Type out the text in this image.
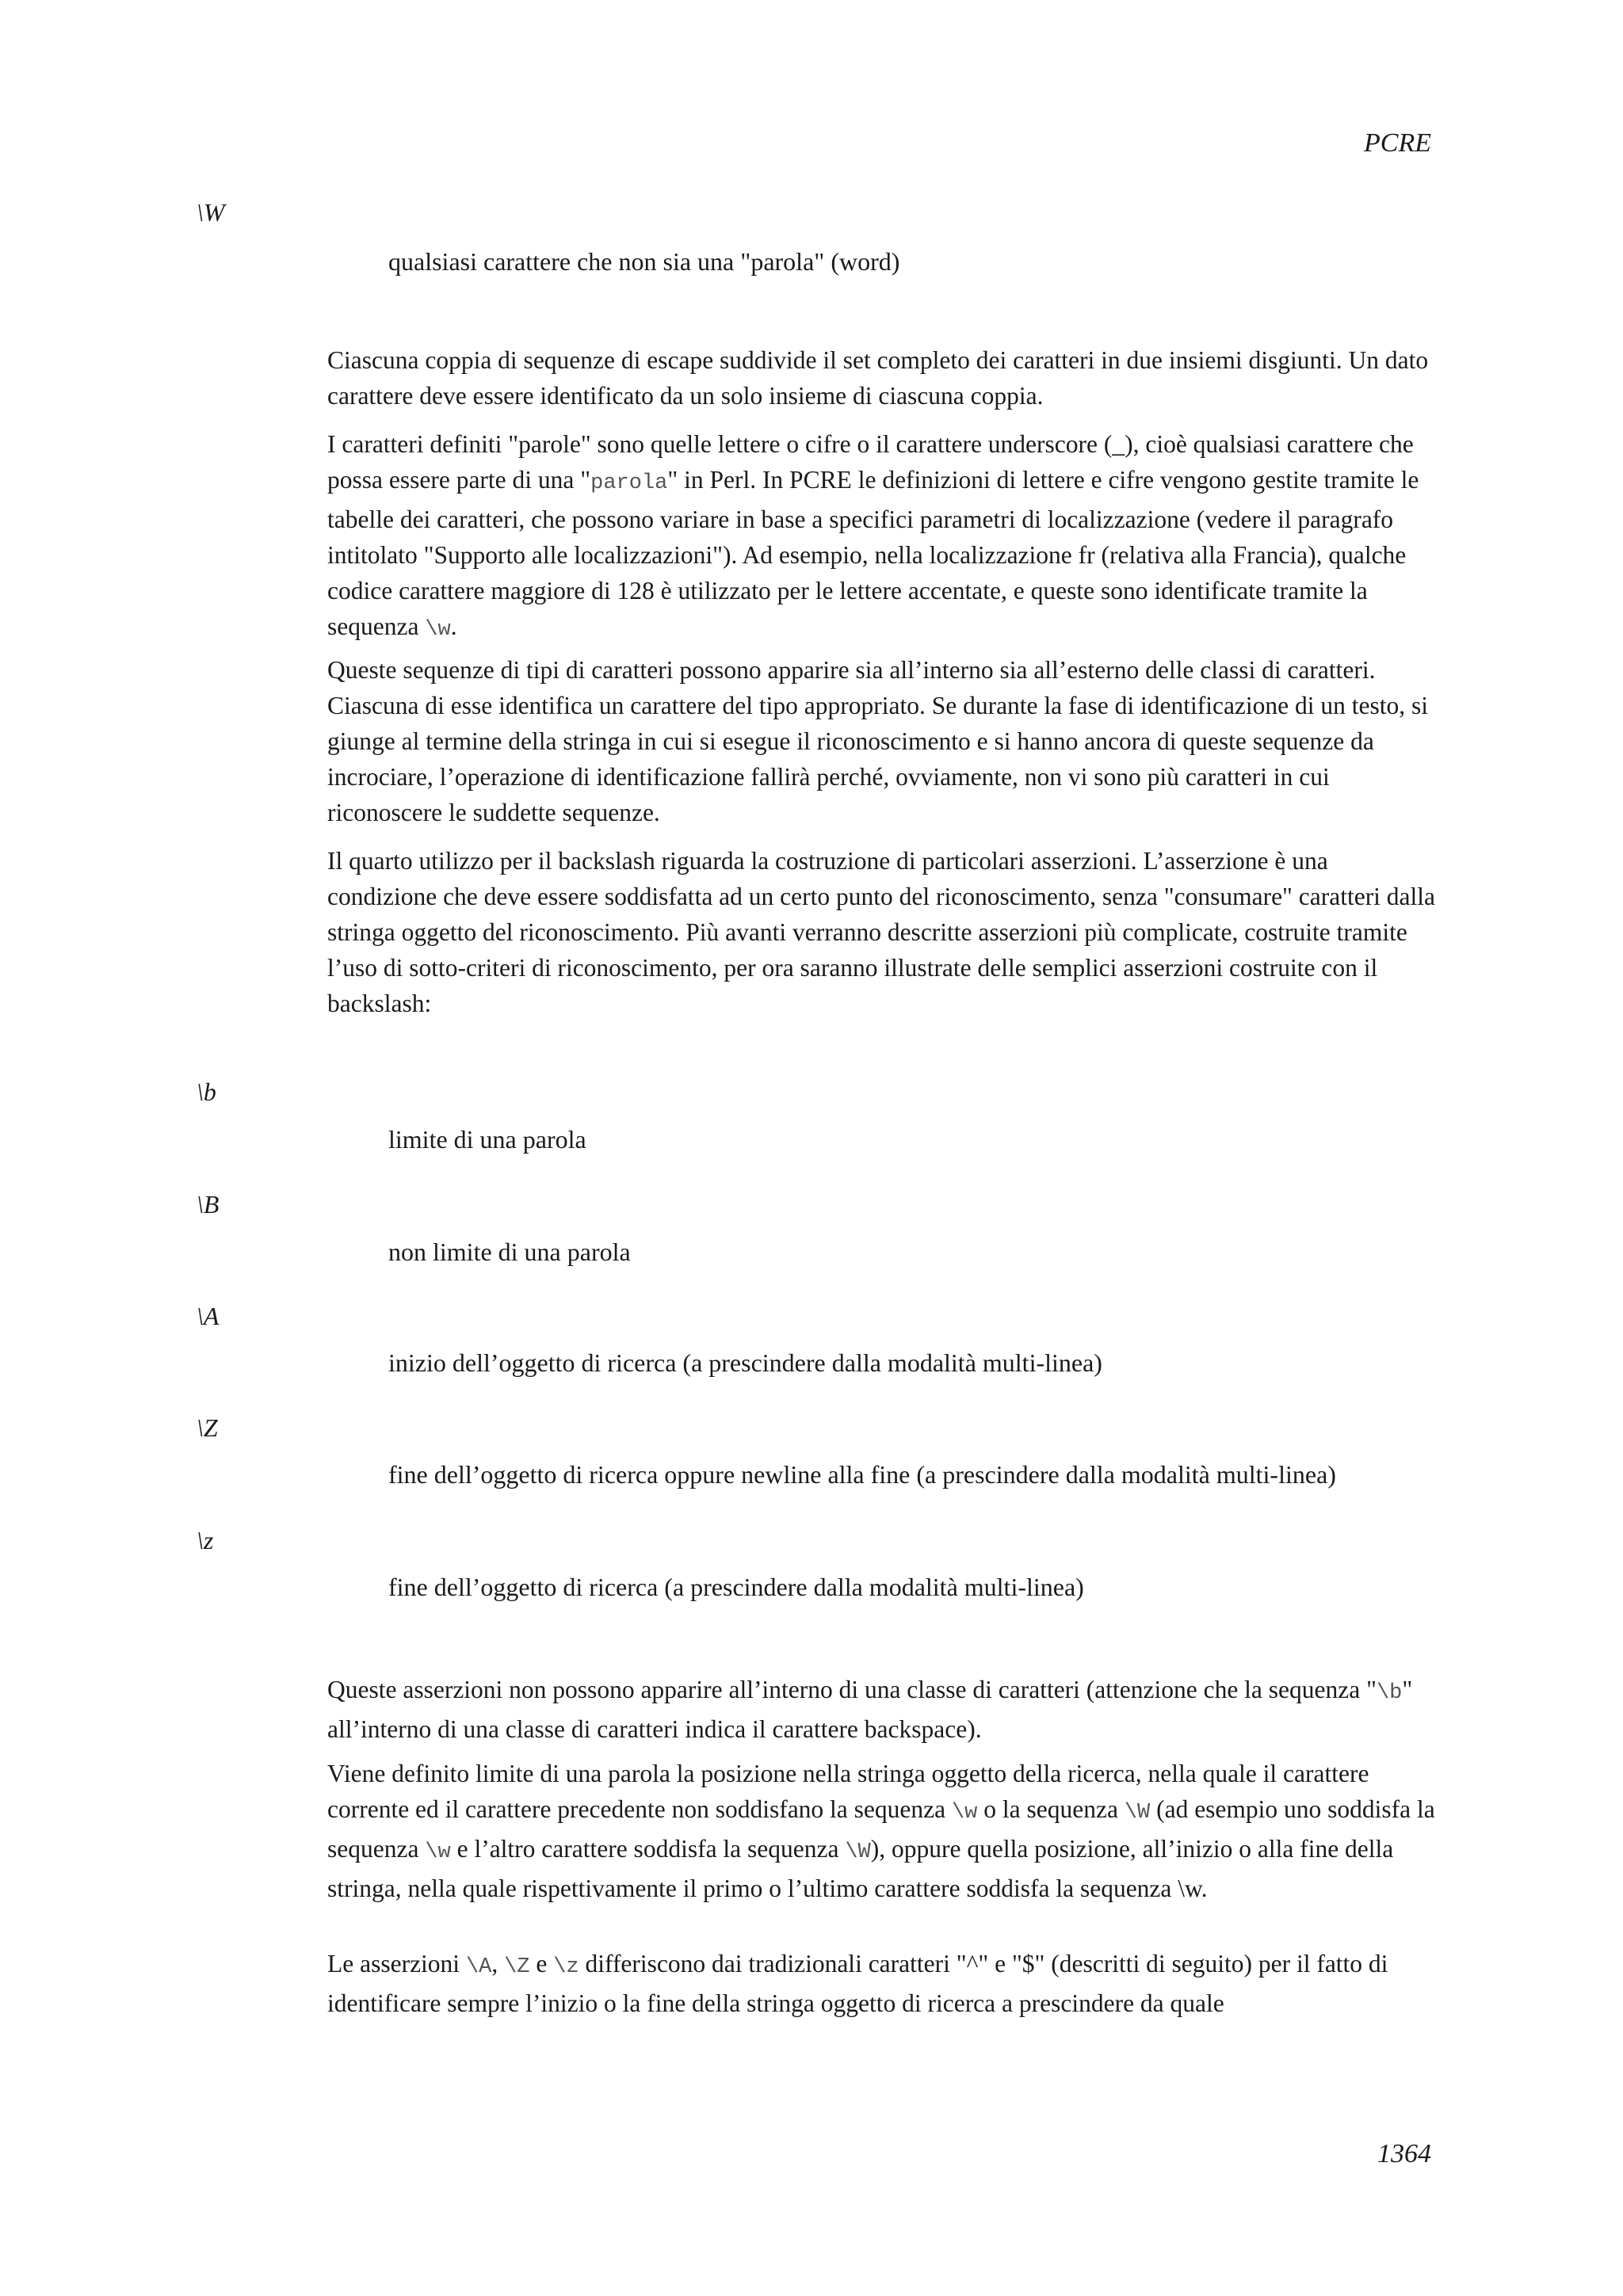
PCRE
\W
qualsiasi carattere che non sia una "parola" (word)

Ciascuna coppia di sequenze di escape suddivide il set completo dei caratteri in due insiemi disgiunti. Un dato carattere deve essere identificato da un solo insieme di ciascuna coppia.

I caratteri definiti "parole" sono quelle lettere o cifre o il carattere underscore (_), cioè qualsiasi carattere che possa essere parte di una "parola" in Perl. In PCRE le definizioni di lettere e cifre vengono gestite tramite le tabelle dei caratteri, che possono variare in base a specifici parametri di localizzazione (vedere il paragrafo intitolato "Supporto alle localizzazioni"). Ad esempio, nella localizzazione fr (relativa alla Francia), qualche codice carattere maggiore di 128 è utilizzato per le lettere accentate, e queste sono identificate tramite la sequenza \w.

Queste sequenze di tipi di caratteri possono apparire sia all’interno sia all’esterno delle classi di caratteri. Ciascuna di esse identifica un carattere del tipo appropriato. Se durante la fase di identificazione di un testo, si giunge al termine della stringa in cui si esegue il riconoscimento e si hanno ancora di queste sequenze da incrociare, l’operazione di identificazione fallirà perché, ovviamente, non vi sono più caratteri in cui riconoscere le suddette sequenze.

Il quarto utilizzo per il backslash riguarda la costruzione di particolari asserzioni. L’asserzione è una condizione che deve essere soddisfatta ad un certo punto del riconoscimento, senza "consumare" caratteri dalla stringa oggetto del riconoscimento. Più avanti verranno descritte asserzioni più complicate, costruite tramite l’uso di sotto-criteri di riconoscimento, per ora saranno illustrate delle semplici asserzioni costruite con il backslash:

\b
limite di una parola
\B
non limite di una parola
\A
inizio dell’oggetto di ricerca (a prescindere dalla modalità multi-linea)
\Z
fine dell’oggetto di ricerca oppure newline alla fine (a prescindere dalla modalità multi-linea)
\z
fine dell’oggetto di ricerca (a prescindere dalla modalità multi-linea)

Queste asserzioni non possono apparire all’interno di una classe di caratteri (attenzione che la sequenza "\b" all’interno di una classe di caratteri indica il carattere backspace).

Viene definito limite di una parola la posizione nella stringa oggetto della ricerca, nella quale il carattere corrente ed il carattere precedente non soddisfano la sequenza \w o la sequenza \W (ad esempio uno soddisfa la sequenza \w e l’altro carattere soddisfa la sequenza \W), oppure quella posizione, all’inizio o alla fine della stringa, nella quale rispettivamente il primo o l’ultimo carattere soddisfa la sequenza \w.

Le asserzioni \A, \Z e \z differiscono dai tradizionali caratteri "^" e "$" (descritti di seguito) per il fatto di identificare sempre l’inizio o la fine della stringa oggetto di ricerca a prescindere da quale

1364
